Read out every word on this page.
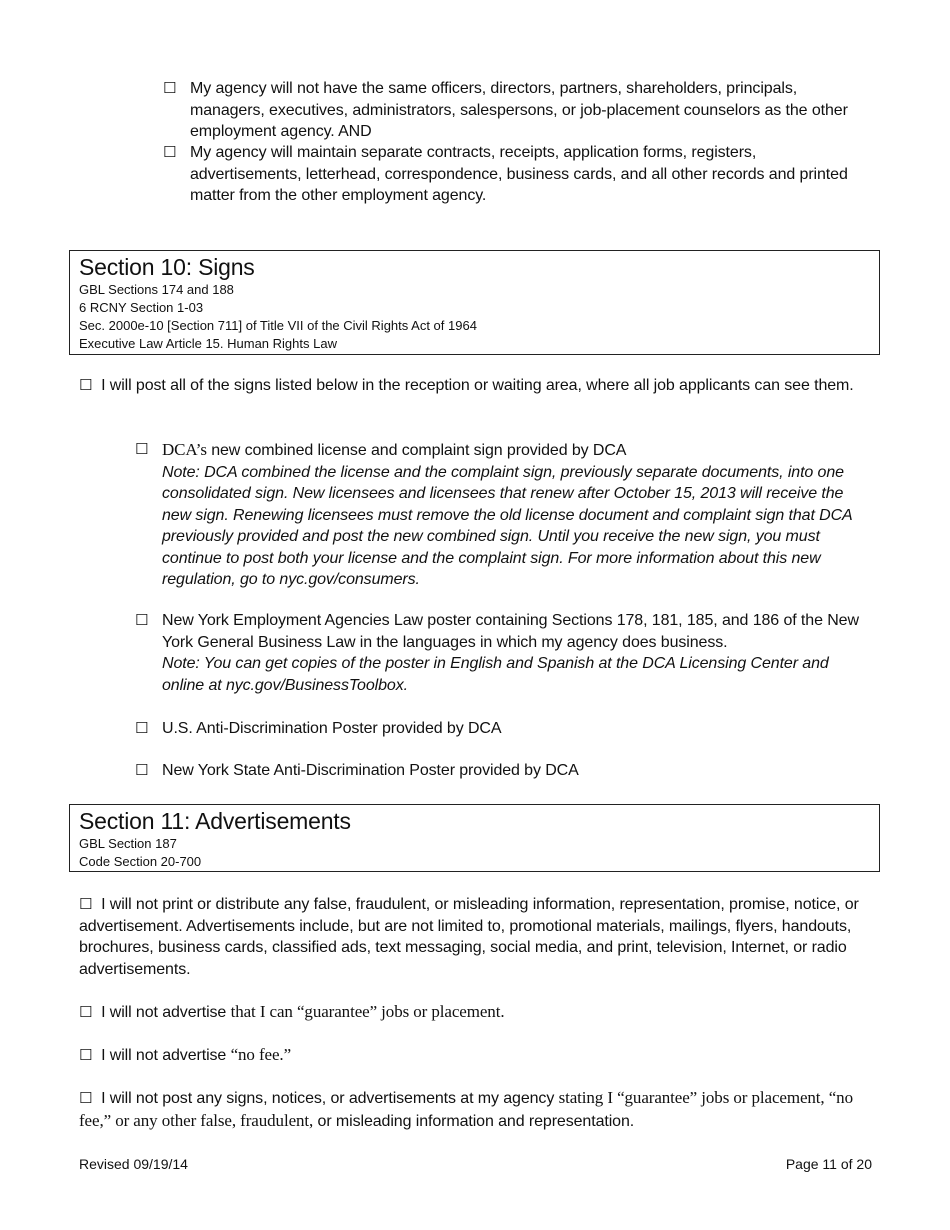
☐ My agency will not have the same officers, directors, partners, shareholders, principals, managers, executives, administrators, salespersons, or job-placement counselors as the other employment agency. AND
☐ My agency will maintain separate contracts, receipts, application forms, registers, advertisements, letterhead, correspondence, business cards, and all other records and printed matter from the other employment agency.
Section 10: Signs
GBL Sections 174 and 188
6 RCNY Section 1-03
Sec. 2000e-10 [Section 711] of Title VII of the Civil Rights Act of 1964
Executive Law Article 15. Human Rights Law
☐ I will post all of the signs listed below in the reception or waiting area, where all job applicants can see them.
☐ DCA’s new combined license and complaint sign provided by DCA
Note: DCA combined the license and the complaint sign, previously separate documents, into one consolidated sign. New licensees and licensees that renew after October 15, 2013 will receive the new sign. Renewing licensees must remove the old license document and complaint sign that DCA previously provided and post the new combined sign. Until you receive the new sign, you must continue to post both your license and the complaint sign. For more information about this new regulation, go to nyc.gov/consumers.
☐ New York Employment Agencies Law poster containing Sections 178, 181, 185, and 186 of the New York General Business Law in the languages in which my agency does business.
Note: You can get copies of the poster in English and Spanish at the DCA Licensing Center and online at nyc.gov/BusinessToolbox.
☐ U.S. Anti-Discrimination Poster provided by DCA
☐ New York State Anti-Discrimination Poster provided by DCA
Section 11: Advertisements
GBL Section 187
Code Section 20-700
☐ I will not print or distribute any false, fraudulent, or misleading information, representation, promise, notice, or advertisement. Advertisements include, but are not limited to, promotional materials, mailings, flyers, handouts, brochures, business cards, classified ads, text messaging, social media, and print, television, Internet, or radio advertisements.
☐ I will not advertise that I can “guarantee” jobs or placement.
☐ I will not advertise “no fee.”
☐ I will not post any signs, notices, or advertisements at my agency stating I “guarantee” jobs or placement, “no fee,” or any other false, fraudulent, or misleading information and representation.
Revised 09/19/14	Page 11 of 20
